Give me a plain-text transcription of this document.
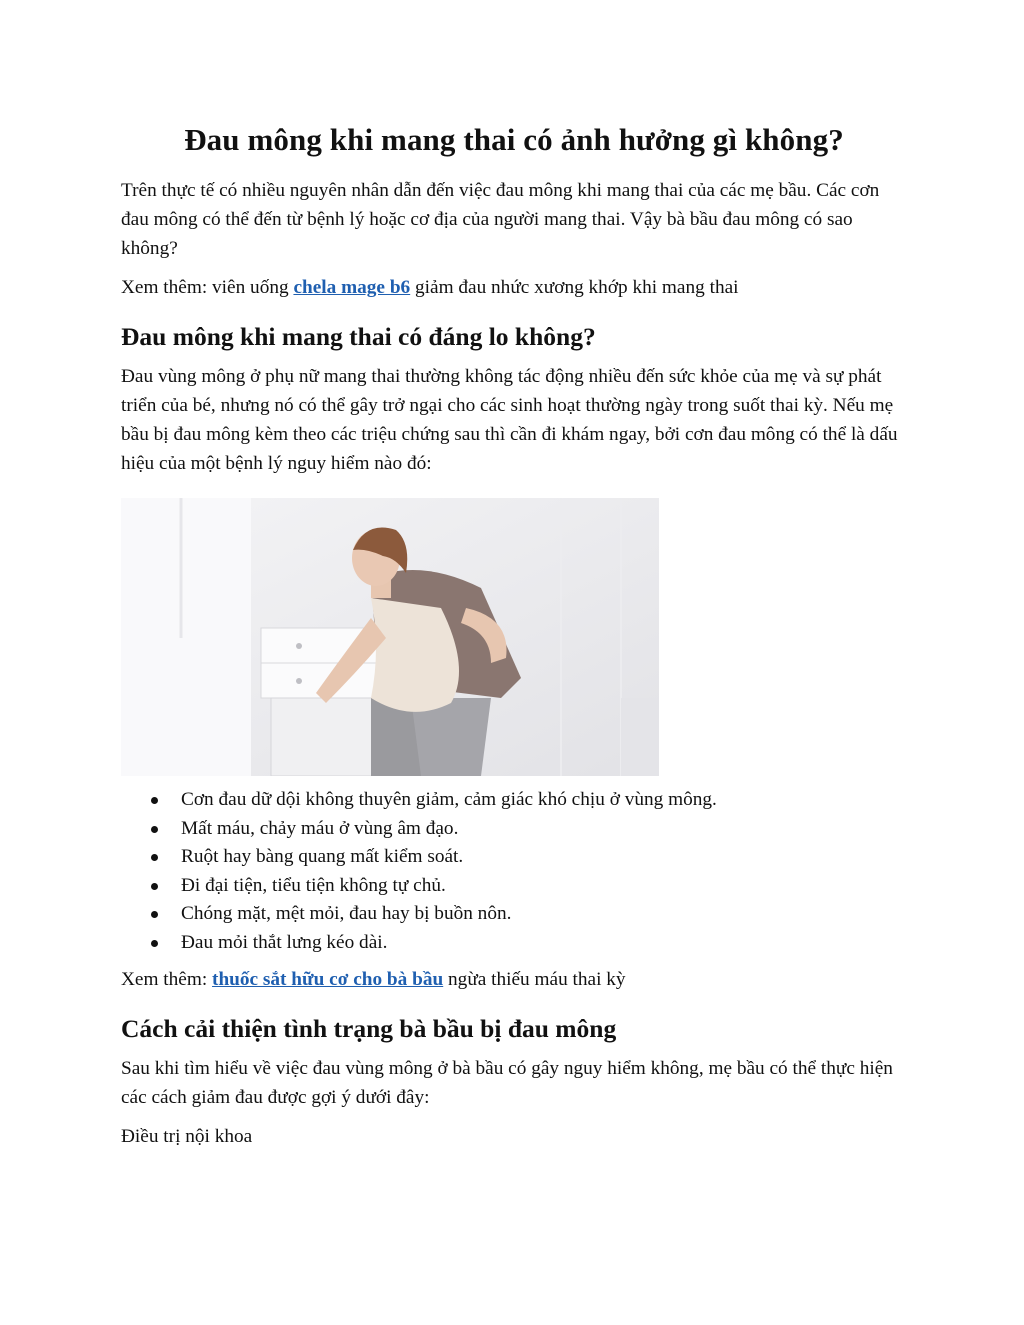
Đau mông khi mang thai có ảnh hưởng gì không?

Trên thực tế có nhiều nguyên nhân dẫn đến việc đau mông khi mang thai của các mẹ bầu. Các cơn đau mông có thể đến từ bệnh lý hoặc cơ địa của người mang thai. Vậy bà bầu đau mông có sao không?

Xem thêm: viên uống chela mage b6 giảm đau nhức xương khớp khi mang thai

Đau mông khi mang thai có đáng lo không?

Đau vùng mông ở phụ nữ mang thai thường không tác động nhiều đến sức khỏe của mẹ và sự phát triển của bé, nhưng nó có thể gây trở ngại cho các sinh hoạt thường ngày trong suốt thai kỳ. Nếu mẹ bầu bị đau mông kèm theo các triệu chứng sau thì cần đi khám ngay, bởi cơn đau mông có thể là dấu hiệu của một bệnh lý nguy hiểm nào đó:

Cơn đau dữ dội không thuyên giảm, cảm giác khó chịu ở vùng mông.
Mất máu, chảy máu ở vùng âm đạo.
Ruột hay bàng quang mất kiểm soát.
Đi đại tiện, tiểu tiện không tự chủ.
Chóng mặt, mệt mỏi, đau hay bị buồn nôn.
Đau mỏi thắt lưng kéo dài.

Xem thêm: thuốc sắt hữu cơ cho bà bầu ngừa thiếu máu thai kỳ

Cách cải thiện tình trạng bà bầu bị đau mông

Sau khi tìm hiểu về việc đau vùng mông ở bà bầu có gây nguy hiểm không, mẹ bầu có thể thực hiện các cách giảm đau được gợi ý dưới đây:

Điều trị nội khoa
